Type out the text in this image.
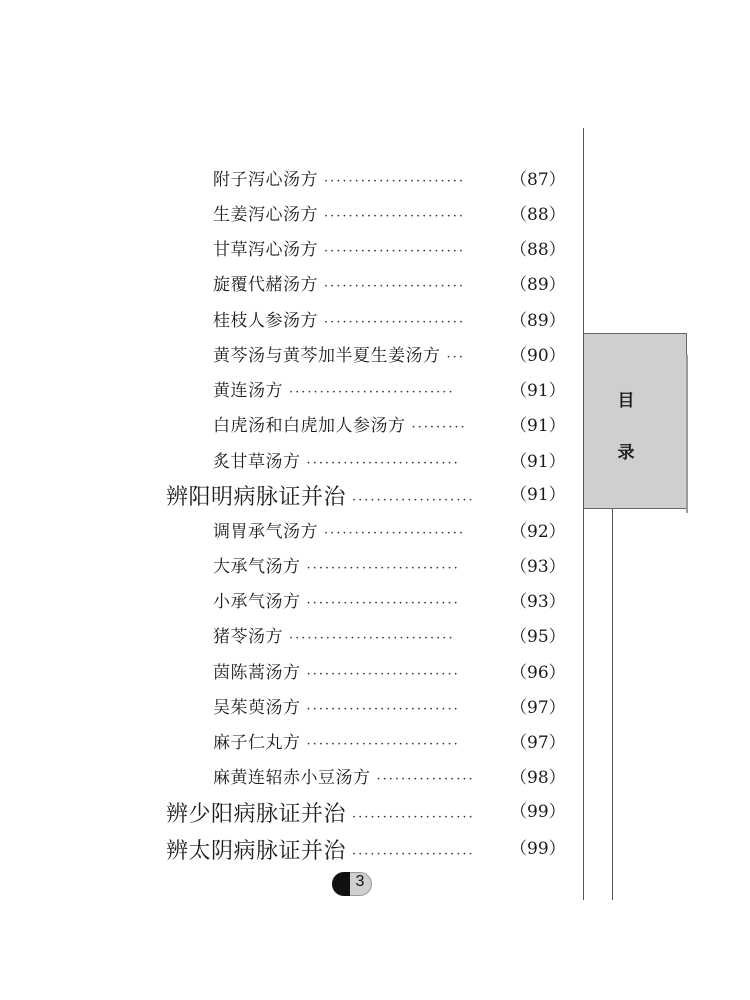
附子泻心汤方 ·······················	（87）
生姜泻心汤方 ·······················	（88）
甘草泻心汤方 ·······················	（88）
旋覆代赭汤方 ·······················	（89）
桂枝人参汤方 ·······················	（89）
黄芩汤与黄芩加半夏生姜汤方 ···	（90）
黄连汤方 ···························	（91）
白虎汤和白虎加人参汤方 ·········	（91）
炙甘草汤方 ·························	（91）
辨阳明病脉证并治 ····················	（91）
调胃承气汤方 ·······················	（92）
大承气汤方 ·························	（93）
小承气汤方 ·························	（93）
猪苓汤方 ···························	（95）
茵陈蒿汤方 ·························	（96）
吴茱萸汤方 ·························	（97）
麻子仁丸方 ·························	（97）
麻黄连轺赤小豆汤方 ················	（98）
辨少阳病脉证并治 ····················	（99）
辨太阴病脉证并治 ····················	（99）
目
录
3
